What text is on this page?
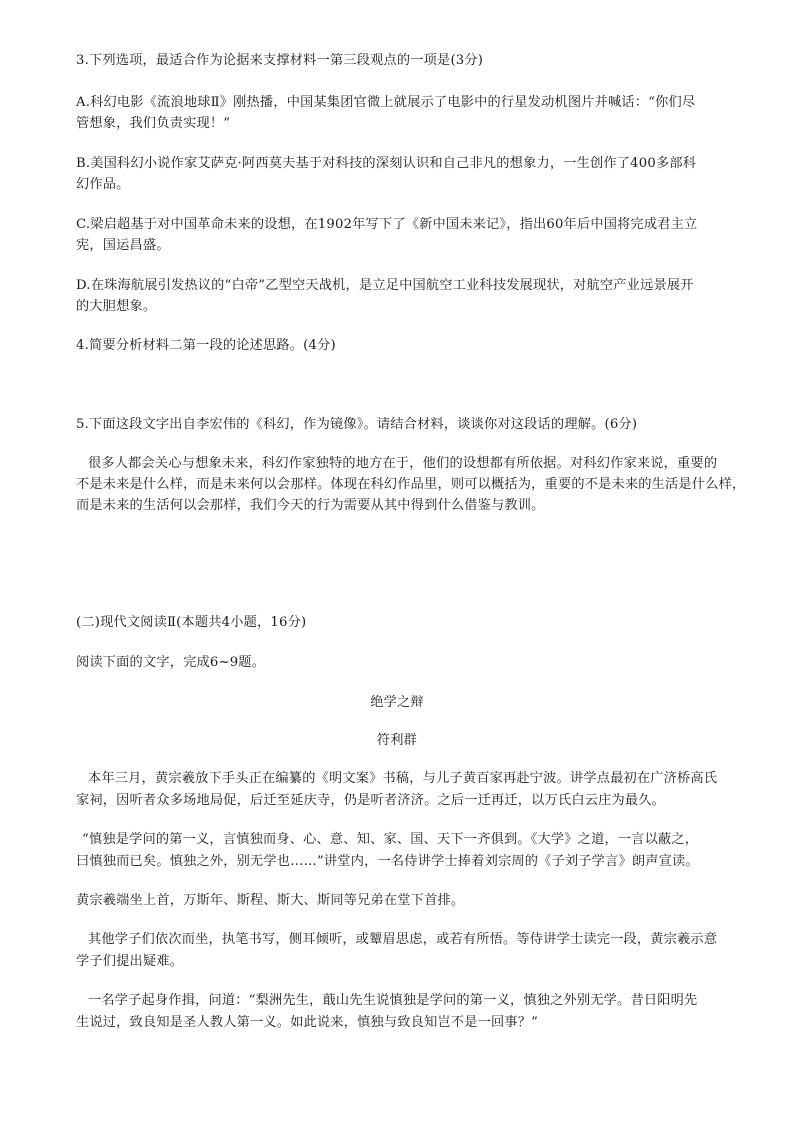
3.下列选项，最适合作为论据来支撑材料一第三段观点的一项是(3分)
A.科幻电影《流浪地球Ⅱ》刚热播，中国某集团官微上就展示了电影中的行星发动机图片并喊话：“你们尽
管想象，我们负责实现！”
B.美国科幻小说作家艾萨克·阿西莫夫基于对科技的深刻认识和自己非凡的想象力，一生创作了400多部科
幻作品。
C.梁启超基于对中国革命未来的设想，在1902年写下了《新中国未来记》，指出60年后中国将完成君主立
宪，国运昌盛。
D.在珠海航展引发热议的“白帝”乙型空天战机，是立足中国航空工业科技发展现状，对航空产业远景展开
的大胆想象。
4.简要分析材料二第一段的论述思路。(4分)
5.下面这段文字出自李宏伟的《科幻，作为镜像》。请结合材料，谈谈你对这段话的理解。(6分)
很多人都会关心与想象未来，科幻作家独特的地方在于，他们的设想都有所依据。对科幻作家来说，重要的
不是未来是什么样，而是未来何以会那样。体现在科幻作品里，则可以概括为，重要的不是未来的生活是什么样，
而是未来的生活何以会那样，我们今天的行为需要从其中得到什么借鉴与教训。
(二)现代文阅读Ⅱ(本题共4小题，16分)
阅读下面的文字，完成6~9题。
绝学之辩
符利群
本年三月，黄宗羲放下手头正在编纂的《明文案》书稿，与儿子黄百家再赴宁波。讲学点最初在广济桥高氏
家祠，因听者众多场地局促，后迁至延庆寺，仍是听者济济。之后一迁再迁，以万氏白云庄为最久。
“慎独是学问的第一义，言慎独而身、心、意、知、家、国、天下一齐俱到。《大学》之道，一言以蔽之，
曰慎独而已矣。慎独之外，别无学也……”讲堂内，一名侍讲学士捧着刘宗周的《子刘子学言》朗声宣读。
黄宗羲端坐上首，万斯年、斯程、斯大、斯同等兄弟在堂下首排。
其他学子们依次而坐，执笔书写，侧耳倾听，或颦眉思虑，或若有所悟。等侍讲学士读完一段，黄宗羲示意
学子们提出疑难。
一名学子起身作揖，问道：“梨洲先生，蕺山先生说慎独是学问的第一义，慎独之外别无学。昔日阳明先
生说过，致良知是圣人教人第一义。如此说来，慎独与致良知岂不是一回事？”
